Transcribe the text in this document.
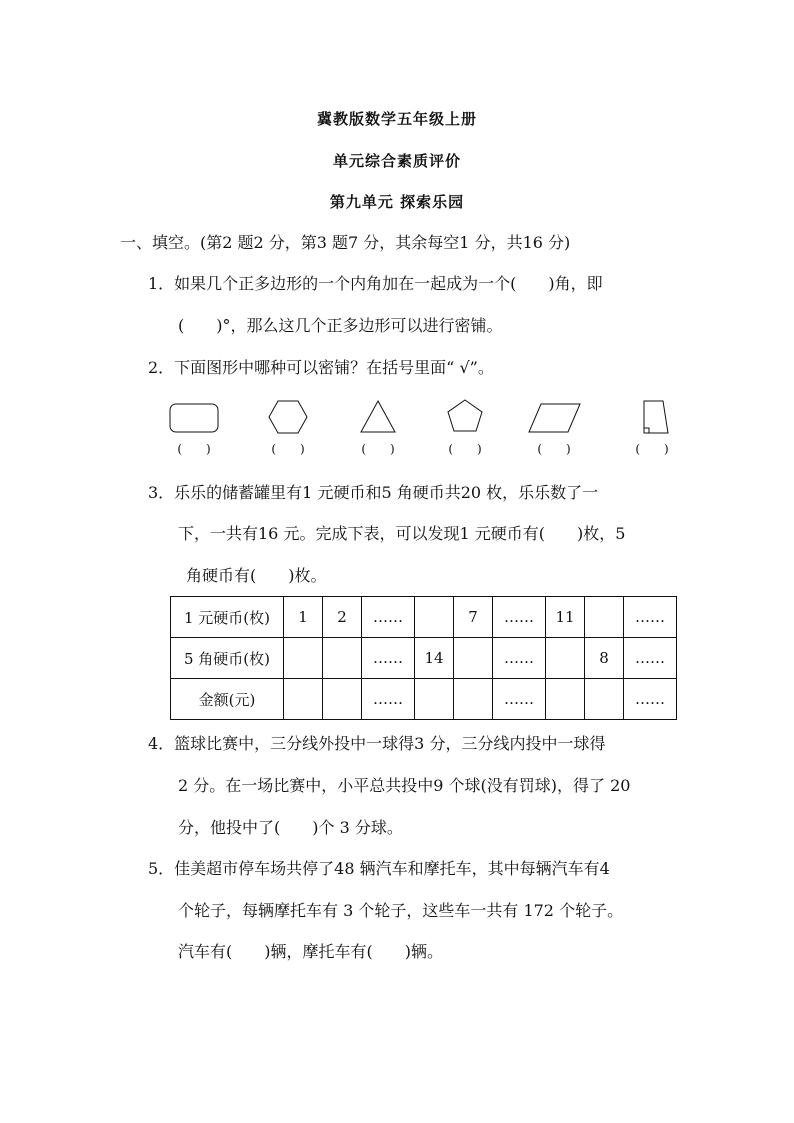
冀教版数学五年级上册
单元综合素质评价
第九单元 探索乐园
一、填空。(第2 题2 分，第3 题7 分，其余每空1 分，共16 分)
1．如果几个正多边形的一个内角加在一起成为一个(　　)角，即
(　　)°，那么这几个正多边形可以进行密铺。
2．下面图形中哪种可以密铺？在括号里面“ √”。
(　　)	(　　)	(　　)	(　　)	(　　)	(　　)
3．乐乐的储蓄罐里有1 元硬币和5 角硬币共20 枚，乐乐数了一
下，一共有16 元。完成下表，可以发现1 元硬币有(　　)枚，5
角硬币有(　　)枚。
1 元硬币(枚)	1	2	……		7	……	11		……
5 角硬币(枚)			……	14		……		8	……
金额(元)			……			……			……
4．篮球比赛中，三分线外投中一球得3 分，三分线内投中一球得
2 分。在一场比赛中，小平总共投中9 个球(没有罚球)，得了 20
分，他投中了(　　)个 3 分球。
5．佳美超市停车场共停了48 辆汽车和摩托车，其中每辆汽车有4
个轮子，每辆摩托车有 3 个轮子，这些车一共有 172 个轮子。
汽车有(　　)辆，摩托车有(　　)辆。
